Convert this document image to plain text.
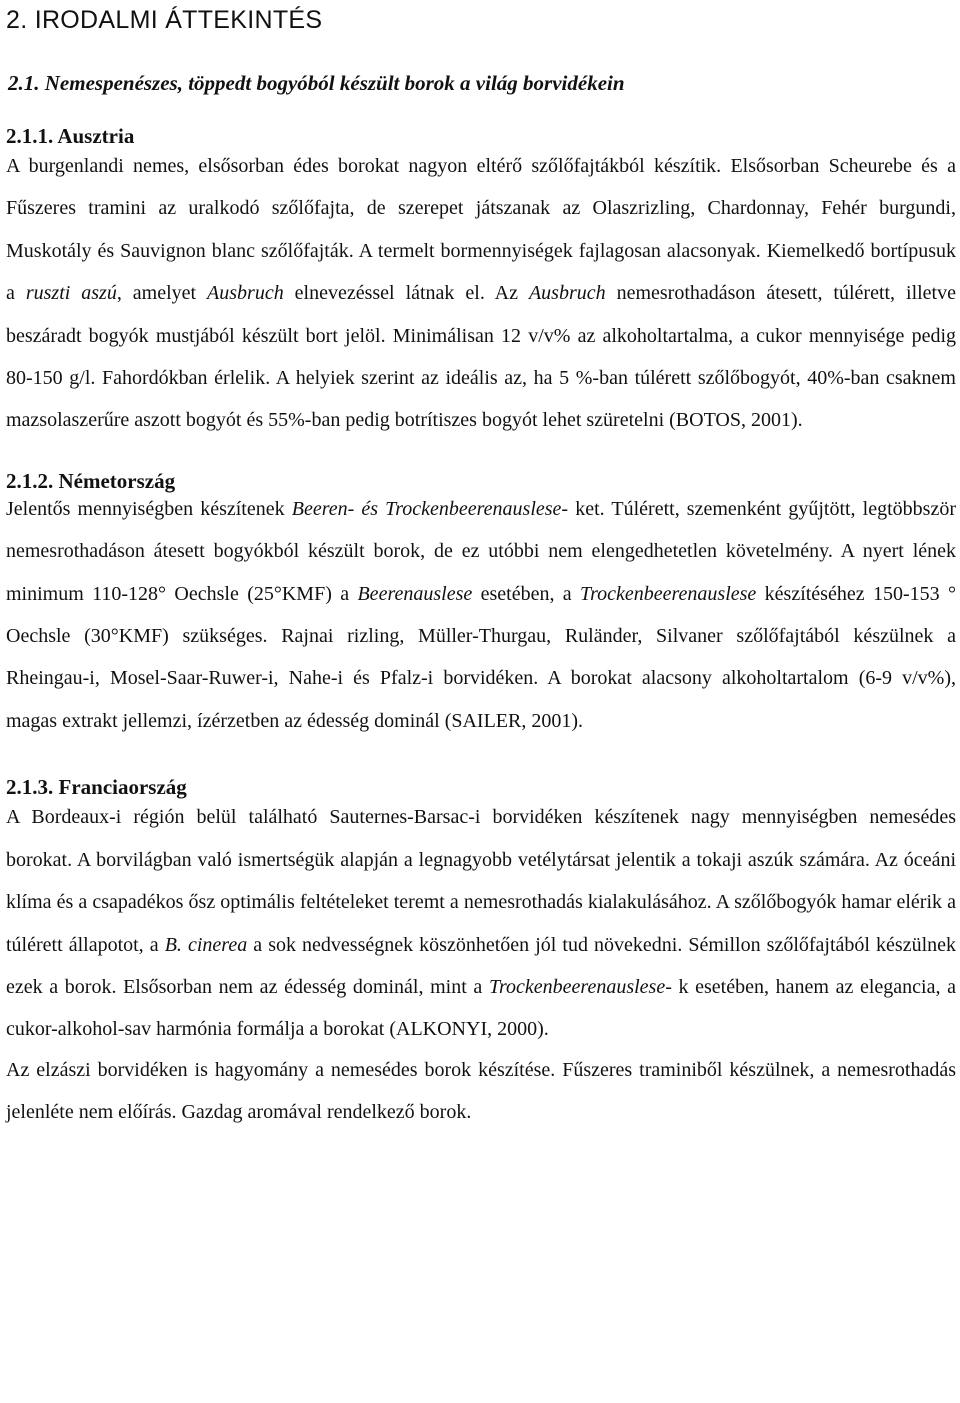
2. IRODALMI ÁTTEKINTÉS
2.1. Nemespenészes, töppedt bogyóból készült borok a világ borvidékein
2.1.1. Ausztria

A burgenlandi nemes, elsősorban édes borokat nagyon eltérő szőlőfajtákból készítik. Elsősorban Scheurebe és a Fűszeres tramini az uralkodó szőlőfajta, de szerepet játszanak az Olaszrizling, Chardonnay, Fehér burgundi, Muskotály és Sauvignon blanc szőlőfajták. A termelt bormennyiségek fajlagosan alacsonyak. Kiemelkedő bortípusuk a ruszti aszú, amelyet Ausbruch elnevezéssel látnak el. Az Ausbruch nemesrothadáson átesett, túlérett, illetve beszáradt bogyók mustjából készült bort jelöl. Minimálisan 12 v/v% az alkoholtartalma, a cukor mennyisége pedig 80-150 g/l. Fahordókban érlelik. A helyiek szerint az ideális az, ha 5 %-ban túlérett szőlőbogyót, 40%-ban csaknem mazsolaszerűre aszott bogyót és 55%-ban pedig botrítiszes bogyót lehet szüretelni (BOTOS, 2001).

2.1.2. Németország

Jelentős mennyiségben készítenek Beeren- és Trockenbeerenauslese- ket. Túlérett, szemenként gyűjtött, legtöbbször nemesrothadáson átesett bogyókból készült borok, de ez utóbbi nem elengedhetetlen követelmény. A nyert lének minimum 110-128° Oechsle (25°KMF) a Beerenauslese esetében, a Trockenbeerenauslese készítéséhez 150-153 ° Oechsle (30°KMF) szükséges. Rajnai rizling, Müller-Thurgau, Ruländer, Silvaner szőlőfajtából készülnek a Rheingau-i, Mosel-Saar-Ruwer-i, Nahe-i és Pfalz-i borvidéken. A borokat alacsony alkoholtartalom (6-9 v/v%), magas extrakt jellemzi, ízérzetben az édesség dominál (SAILER, 2001).

2.1.3. Franciaország

A Bordeaux-i régión belül található Sauternes-Barsac-i borvidéken készítenek nagy mennyiségben nemesédes borokat. A borvilágban való ismertségük alapján a legnagyobb vetélytársat jelentik a tokaji aszúk számára. Az óceáni klíma és a csapadékos ősz optimális feltételeket teremt a nemesrothadás kialakulásához. A szőlőbogyók hamar elérik a túlérett állapotot, a B. cinerea a sok nedvességnek köszönhetően jól tud növekedni. Sémillon szőlőfajtából készülnek ezek a borok. Elsősorban nem az édesség dominál, mint a Trockenbeerenauslese- k esetében, hanem az elegancia, a cukor-alkohol-sav harmónia formálja a borokat (ALKONYI, 2000).

Az elzászi borvidéken is hagyomány a nemesédes borok készítése. Fűszeres traminiből készülnek, a nemesrothadás jelenléte nem előírás. Gazdag aromával rendelkező borok.
